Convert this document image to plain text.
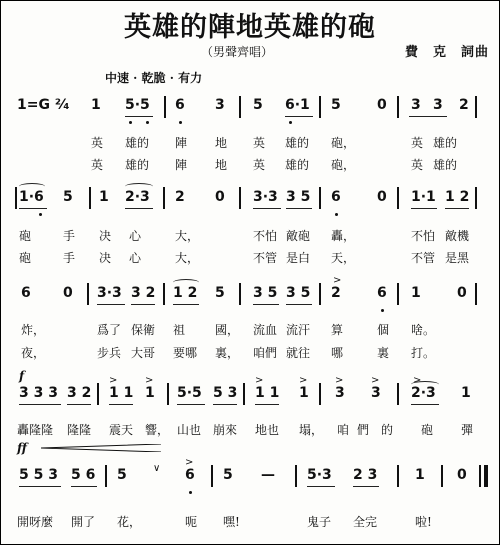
英雄的陣地英雄的砲
（男聲齊唱）	費　克　詞曲
中速 · 乾脆 · 有力
1=G ²⁄₄ 1 5·5 6 3 5 6·1 5	0 3 3 2
英 雄的 陣 地 英 雄的 砲，	英 雄的
英 雄的 陣 地 英 雄的 砲，	英 雄的
1·6 5 1 2·3 2 0 3·3 3 5 6	0 1·1 1 2
砲	手 决 心	大，	不怕 敵砲 轟，	不怕 敵機
砲	手 决 心	大，	不管 是白 天，	不管 是黑
6 0 3·3 3 2 1 2 5 3 5 3 5
>
2	6 1	0
炸，	爲了 保衛 祖 國， 流血 流汗 算	個 啥。
夜，	步兵 大哥 要哪 裏， 咱們 就往 哪	裏 打。
f
3 3 3 3 2
>
1 1
>
1 5·5 5 3
>
1 1
>
1
>
3
>
3
>
2·3 1
轟隆隆 隆隆 震天 響， 山也 崩來 地也 塌， 咱 們 的 砲 彈
ff
5 5 3 5 6 5	∨
>
6 5 — 5·3 2 3	1 0
開呀麼 開了 花，	呃 嘿!	鬼子 全完	啦!
